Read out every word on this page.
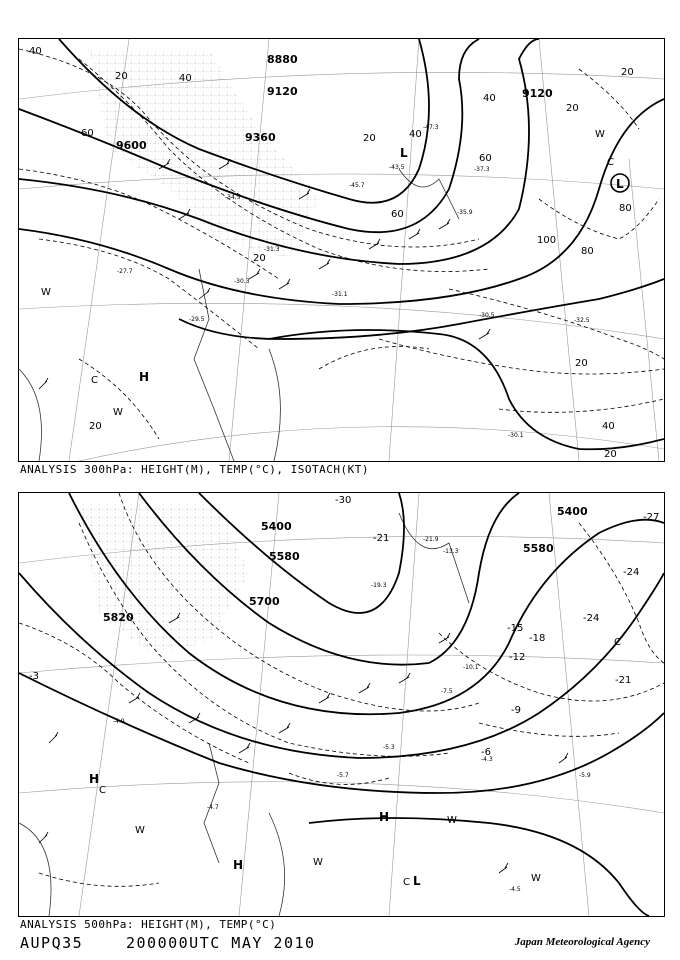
8880
9120	9120
9360
9600
40
20	40
60	20	40
40
60
20
20
80
100
80
60
20
20
40
20
20
L
L
H
C
C
W
W
W
-31.3
-29.5
-30.3
-30.5
-32.5
-34.5
-30.1
-27.7
-31.1
-37.3
-35.9
-45.7
-43.5
-47.3
ANALYSIS 300hPa: HEIGHT(M), TEMP(°C), ISOTACH(KT)
5400
5580
5700
5820
5580
5400
-21
-15
-18
-12
-9
-6
-24
-24
-21
-27
-30
-3
H
H
H
L
C
C
C
W
W
W
W
-4.9
-4.7
-5.7
-5.3
-7.5
-5.9
-4.5
-4.3
-10.1
-13.3
-19.3
-21.9
ANALYSIS 500hPa: HEIGHT(M), TEMP(°C)
AUPQ35	200000UTC MAY 2010	Japan Meteorological Agency
